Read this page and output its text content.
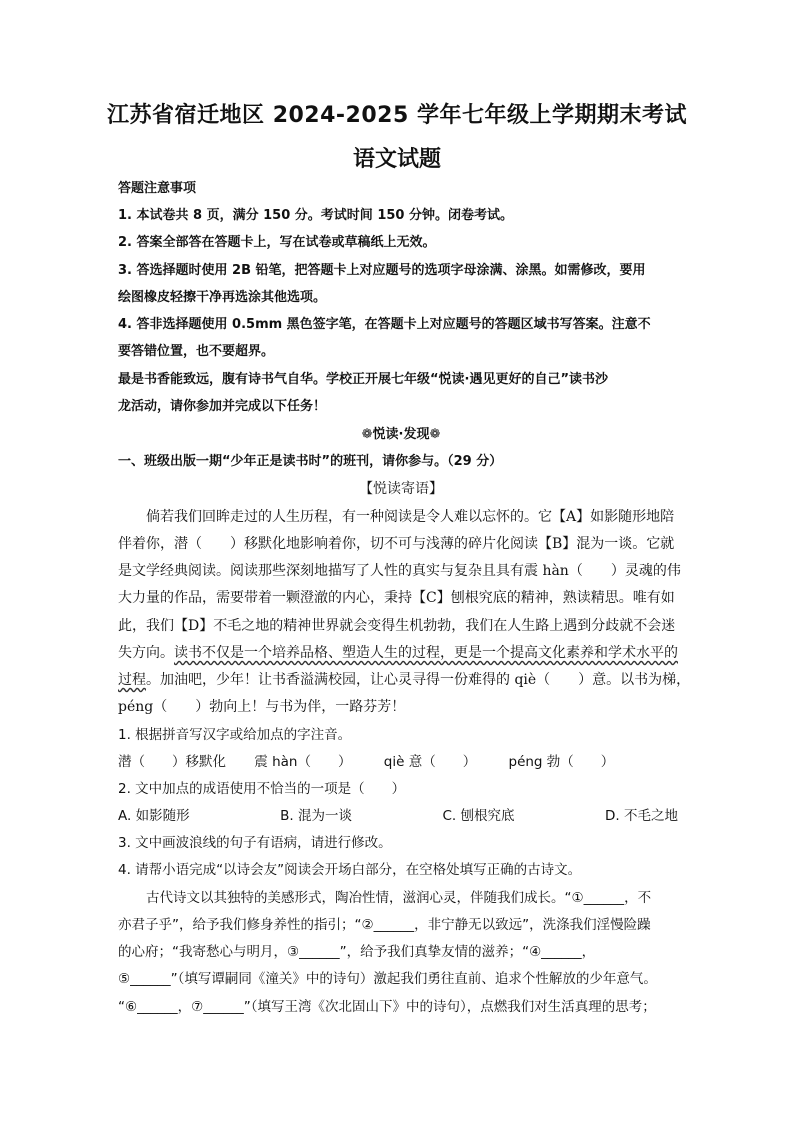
江苏省宿迁地区 2024-2025 学年七年级上学期期末考试
语文试题
答题注意事项
1. 本试卷共 8 页，满分 150 分。考试时间 150 分钟。闭卷考试。
2. 答案全部答在答题卡上，写在试卷或草稿纸上无效。
3. 答选择题时使用 2B 铅笔，把答题卡上对应题号的选项字母涂满、涂黑。如需修改，要用
绘图橡皮轻擦干净再选涂其他选项。
4. 答非选择题使用 0.5mm 黑色签字笔，在答题卡上对应题号的答题区域书写答案。注意不
要答错位置，也不要超界。
最是书香能致远，腹有诗书气自华。学校正开展七年级“悦读·遇见更好的自己”读书沙
龙活动，请你参加并完成以下任务！
❁悦读·发现❁
一、班级出版一期“少年正是读书时”的班刊，请你参与。（29 分）
【悦读寄语】
倘若我们回眸走过的人生历程，有一种阅读是令人难以忘怀的。它【A】如影随形地陪
伴着你，潜（　　）移默化地影响着你，切不可与浅薄的碎片化阅读【B】混为一谈。它就
是文学经典阅读。阅读那些深刻地描写了人性的真实与复杂且具有震 hàn（　　）灵魂的伟
大力量的作品，需要带着一颗澄澈的内心，秉持【C】刨根究底的精神，熟读精思。唯有如
此，我们【D】不毛之地的精神世界就会变得生机勃勃，我们在人生路上遇到分歧就不会迷
失方向。读书不仅是一个培养品格、塑造人生的过程，更是一个提高文化素养和学术水平的
过程。加油吧，少年！让书香溢满校园，让心灵寻得一份难得的 qiè（　　）意。以书为梯，
péng（　　）勃向上！与书为伴，一路芬芳！
1. 根据拼音写汉字或给加点的字注音。
潜（　　）移默化 震 hàn（　　） qiè 意（　　） péng 勃（　　）
2. 文中加点的成语使用不恰当的一项是（　　）
A. 如影随形	B. 混为一谈	C. 刨根究底	D. 不毛之地
3. 文中画波浪线的句子有语病，请进行修改。
4. 请帮小语完成“以诗会友”阅读会开场白部分，在空格处填写正确的古诗文。
古代诗文以其独特的美感形式，陶冶性情，滋润心灵，伴随我们成长。“①______，不
亦君子乎”，给予我们修身养性的指引；“②______，非宁静无以致远”，洗涤我们淫慢险躁
的心府；“我寄愁心与明月，③______”，给予我们真挚友情的滋养；“④______，
⑤______”（填写谭嗣同《潼关》中的诗句）激起我们勇往直前、追求个性解放的少年意气。
“⑥______，⑦______”（填写王湾《次北固山下》中的诗句），点燃我们对生活真理的思考；
